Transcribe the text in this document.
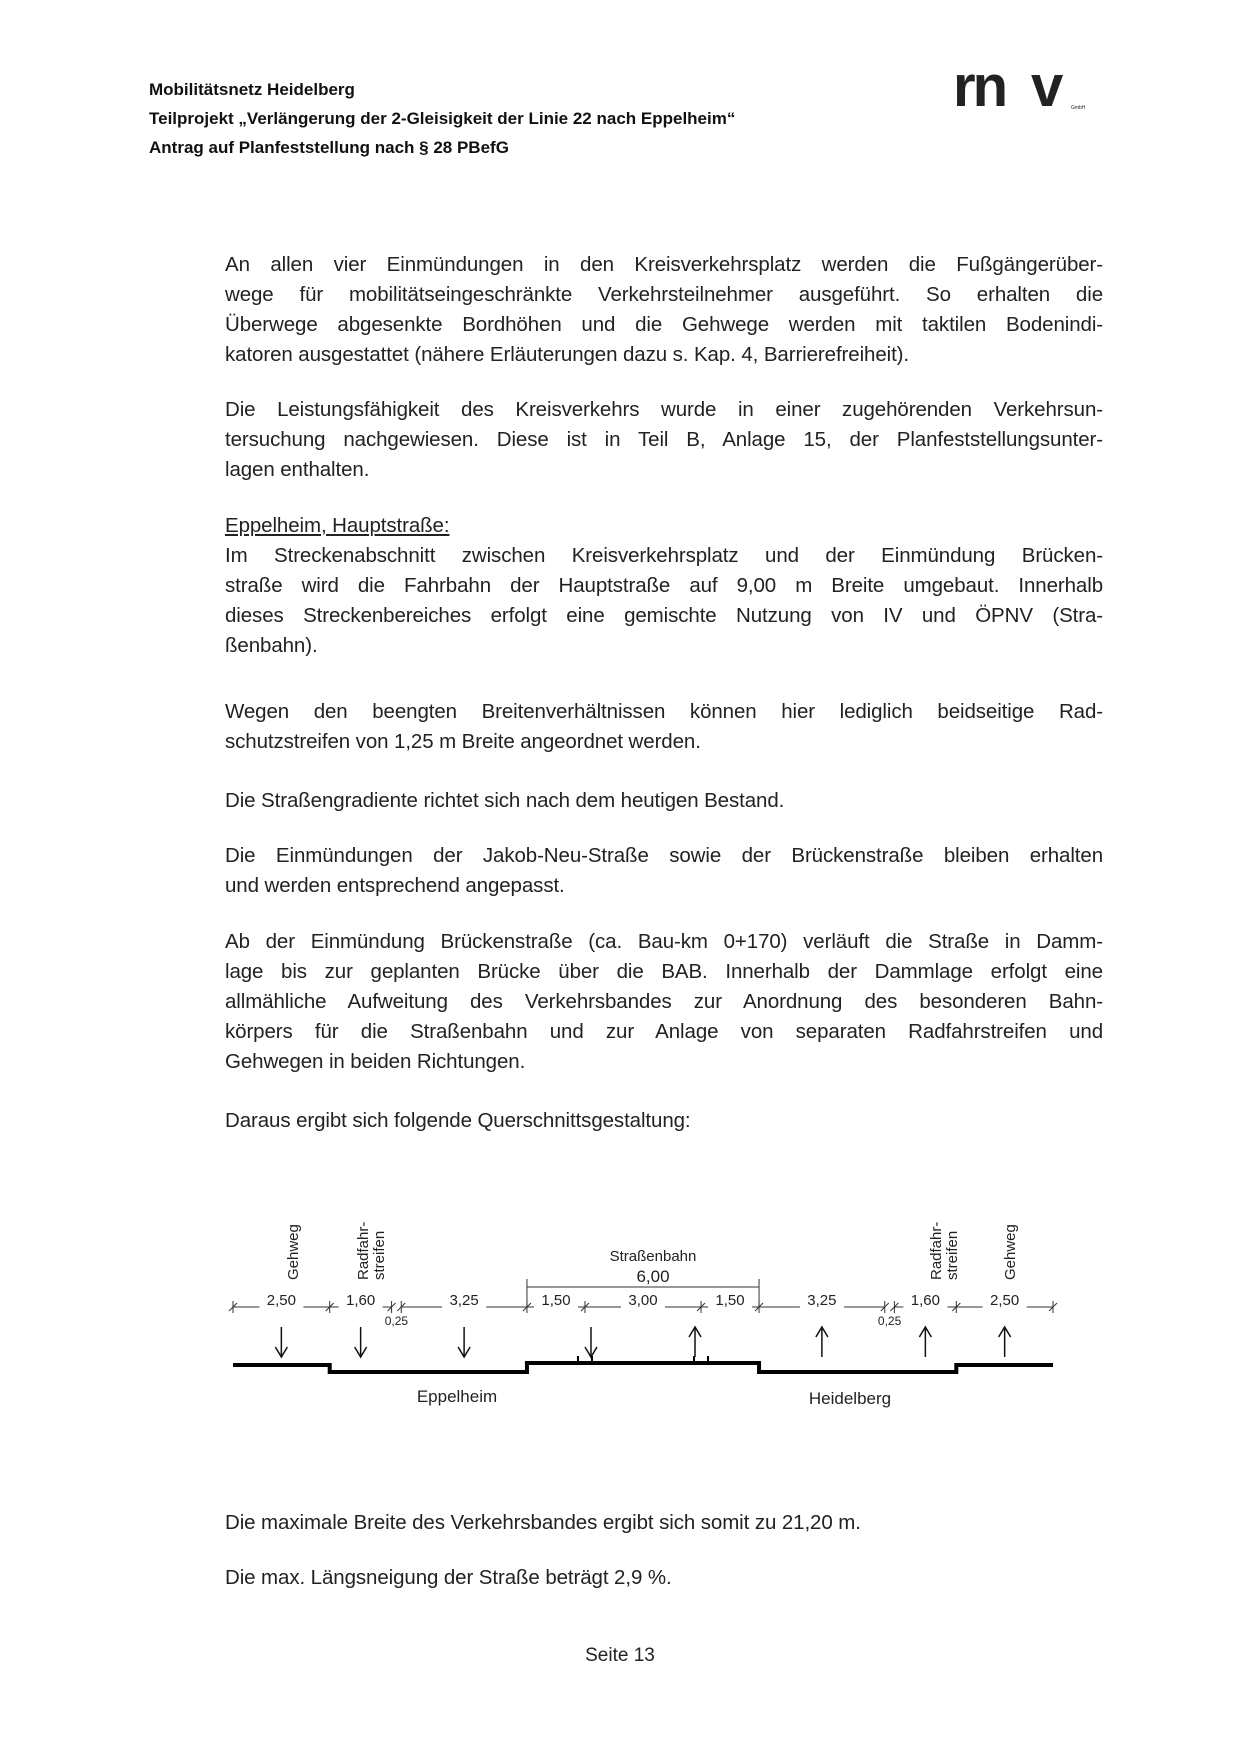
Mobilitätsnetz Heidelberg
Teilprojekt „Verlängerung der 2-Gleisigkeit der Linie 22 nach Eppelheim“
Antrag auf Planfeststellung nach § 28 PBefG
rn v GmbH
An allen vier Einmündungen in den Kreisverkehrsplatz werden die Fußgängerüber-
wege für mobilitätseingeschränkte Verkehrsteilnehmer ausgeführt. So erhalten die
Überwege abgesenkte Bordhöhen und die Gehwege werden mit taktilen Bodenindi-
katoren ausgestattet (nähere Erläuterungen dazu s. Kap. 4, Barrierefreiheit).
Die Leistungsfähigkeit des Kreisverkehrs wurde in einer zugehörenden Verkehrsun-
tersuchung nachgewiesen. Diese ist in Teil B, Anlage 15, der Planfeststellungsunter-
lagen enthalten.
Eppelheim, Hauptstraße:
Im Streckenabschnitt zwischen Kreisverkehrsplatz und der Einmündung Brücken-
straße wird die Fahrbahn der Hauptstraße auf 9,00 m Breite umgebaut. Innerhalb
dieses Streckenbereiches erfolgt eine gemischte Nutzung von IV und ÖPNV (Stra-
ßenbahn).
Wegen den beengten Breitenverhältnissen können hier lediglich beidseitige Rad-
schutzstreifen von 1,25 m Breite angeordnet werden.
Die Straßengradiente richtet sich nach dem heutigen Bestand.
Die Einmündungen der Jakob-Neu-Straße sowie der Brückenstraße bleiben erhalten
und werden entsprechend angepasst.
Ab der Einmündung Brückenstraße (ca. Bau-km 0+170) verläuft die Straße in Damm-
lage bis zur geplanten Brücke über die BAB. Innerhalb der Dammlage erfolgt eine
allmähliche Aufweitung des Verkehrsbandes zur Anordnung des besonderen Bahn-
körpers für die Straßenbahn und zur Anlage von separaten Radfahrstreifen und
Gehwegen in beiden Richtungen.
Daraus ergibt sich folgende Querschnittsgestaltung:
Gehweg	Radfahr- streifen	Radfahr- streifen	Gehweg
Straßenbahn
6,00
2,50	1,60
0,25
3,25	1,50	3,00	1,50	3,25
0,25
1,60	2,50
Eppelheim	Heidelberg
Die maximale Breite des Verkehrsbandes ergibt sich somit zu 21,20 m.
Die max. Längsneigung der Straße beträgt 2,9 %.
Seite 13
